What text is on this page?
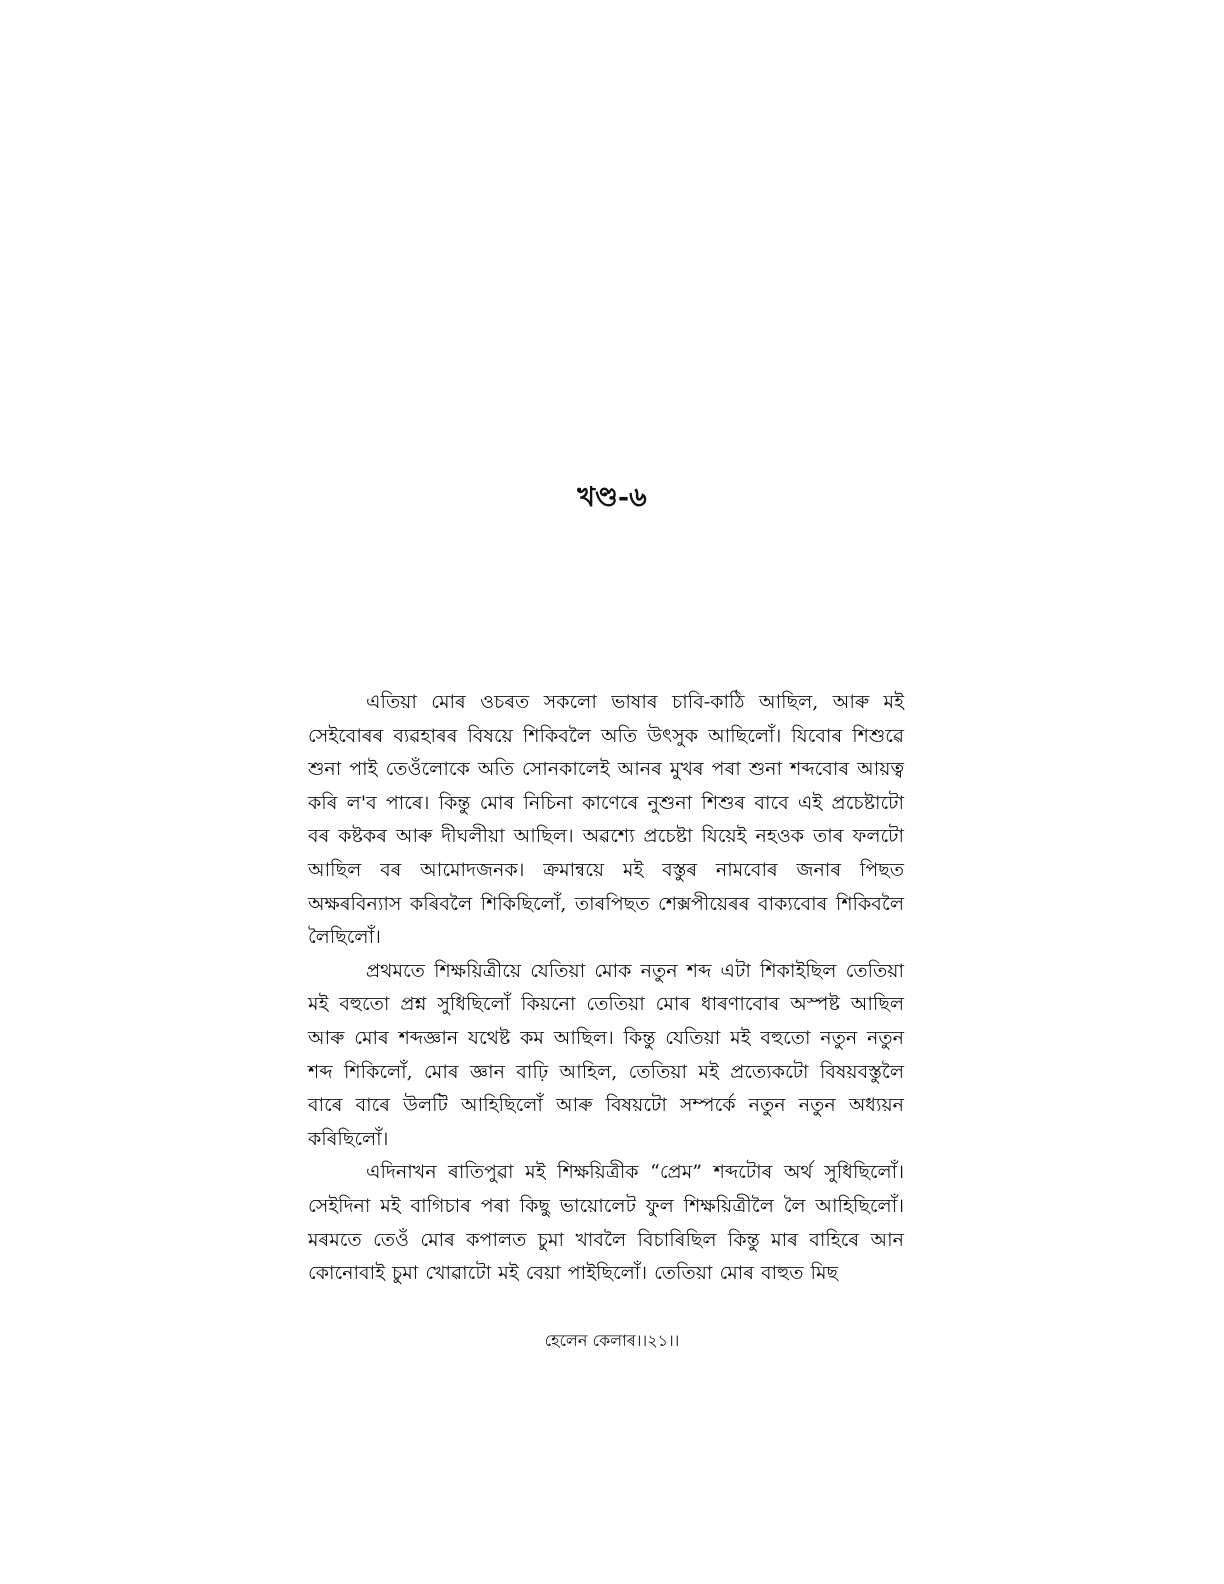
খণ্ড-৬

এতিয়া মোৰ ওচৰত সকলো ভাষাৰ চাবি-কাঠি আছিল, আৰু মই সেইবোৰৰ ব্যৱহাৰৰ বিষয়ে শিকিবলৈ অতি উৎসুক আছিলোঁ। যিবোৰ শিশুৱে শুনা পাই তেওঁলোকে অতি সোনকালেই আনৰ মুখৰ পৰা শুনা শব্দবোৰ আয়ত্ব কৰি ল'ব পাৰে। কিন্তু মোৰ নিচিনা কাণেৰে নুশুনা শিশুৰ বাবে এই প্ৰচেষ্টাটো বৰ কষ্টকৰ আৰু দীঘলীয়া আছিল। অৱশ্যে প্ৰচেষ্টা যিয়েই নহওক তাৰ ফলটো আছিল বৰ আমোদজনক। ক্ৰমান্বয়ে মই বস্তুৰ নামবোৰ জনাৰ পিছত অক্ষৰবিন্যাস কৰিবলৈ শিকিছিলোঁ, তাৰপিছত শেক্সপীয়েৰৰ বাক্যবোৰ শিকিবলৈ লৈছিলোঁ।

প্ৰথমতে শিক্ষয়িত্ৰীয়ে যেতিয়া মোক নতুন শব্দ এটা শিকাইছিল তেতিয়া মই বহুতো প্ৰশ্ন সুধিছিলোঁ কিয়নো তেতিয়া মোৰ ধাৰণাবোৰ অস্পষ্ট আছিল আৰু মোৰ শব্দজ্ঞান যথেষ্ট কম আছিল। কিন্তু যেতিয়া মই বহুতো নতুন নতুন শব্দ শিকিলোঁ, মোৰ জ্ঞান বাঢ়ি আহিল, তেতিয়া মই প্ৰত্যেকটো বিষয়বস্তুলৈ বাৰে বাৰে উলটি আহিছিলোঁ আৰু বিষয়টো সম্পৰ্কে নতুন নতুন অধ্যয়ন কৰিছিলোঁ।

এদিনাখন ৰাতিপুৱা মই শিক্ষয়িত্ৰীক “প্ৰেম” শব্দটোৰ অৰ্থ সুধিছিলোঁ। সেইদিনা মই বাগিচাৰ পৰা কিছু ভায়োলেট ফুল শিক্ষয়িত্ৰীলৈ লৈ আহিছিলোঁ। মৰমতে তেওঁ মোৰ কপালত চুমা খাবলৈ বিচাৰিছিল কিন্তু মাৰ বাহিৰে আন কোনোবাই চুমা খোৱাটো মই বেয়া পাইছিলোঁ। তেতিয়া মোৰ বাহুত মিছ

হেলেন কেলাৰ।।২১।।
